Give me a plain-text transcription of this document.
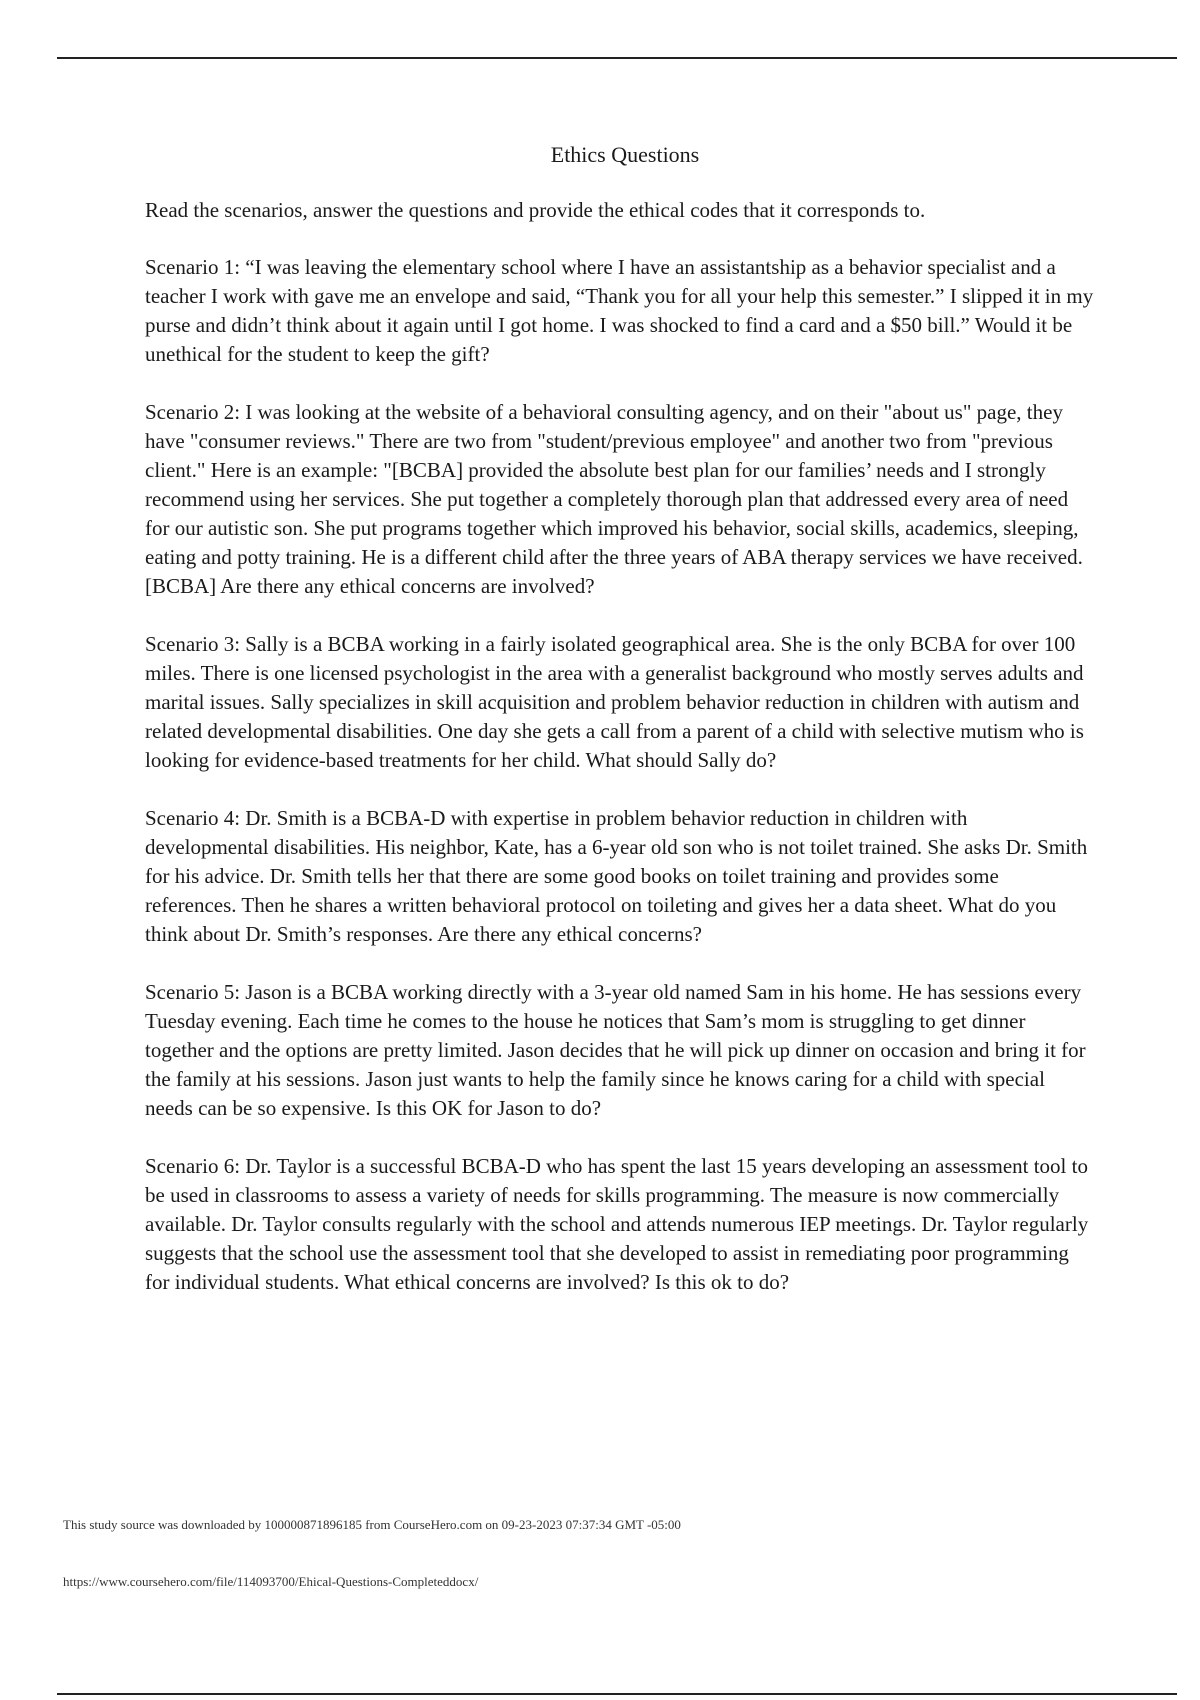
Ethics Questions

Read the scenarios, answer the questions and provide the ethical codes that it corresponds to.

Scenario 1: “I was leaving the elementary school where I have an assistantship as a behavior specialist and a teacher I work with gave me an envelope and said, “Thank you for all your help this semester.” I slipped it in my purse and didn’t think about it again until I got home. I was shocked to find a card and a $50 bill.” Would it be unethical for the student to keep the gift?

Scenario 2: I was looking at the website of a behavioral consulting agency, and on their "about us" page, they have "consumer reviews." There are two from "student/previous employee" and another two from "previous client." Here is an example: "[BCBA] provided the absolute best plan for our families’ needs and I strongly recommend using her services. She put together a completely thorough plan that addressed every area of need for our autistic son. She put programs together which improved his behavior, social skills, academics, sleeping, eating and potty training. He is a different child after the three years of ABA therapy services we have received. [BCBA] Are there any ethical concerns are involved?

Scenario 3: Sally is a BCBA working in a fairly isolated geographical area. She is the only BCBA for over 100 miles. There is one licensed psychologist in the area with a generalist background who mostly serves adults and marital issues. Sally specializes in skill acquisition and problem behavior reduction in children with autism and related developmental disabilities. One day she gets a call from a parent of a child with selective mutism who is looking for evidence-based treatments for her child. What should Sally do?

Scenario 4: Dr. Smith is a BCBA-D with expertise in problem behavior reduction in children with developmental disabilities. His neighbor, Kate, has a 6-year old son who is not toilet trained. She asks Dr. Smith for his advice. Dr. Smith tells her that there are some good books on toilet training and provides some references. Then he shares a written behavioral protocol on toileting and gives her a data sheet. What do you think about Dr. Smith’s responses. Are there any ethical concerns?

Scenario 5: Jason is a BCBA working directly with a 3-year old named Sam in his home. He has sessions every Tuesday evening. Each time he comes to the house he notices that Sam’s mom is struggling to get dinner together and the options are pretty limited. Jason decides that he will pick up dinner on occasion and bring it for the family at his sessions. Jason just wants to help the family since he knows caring for a child with special needs can be so expensive. Is this OK for Jason to do?

Scenario 6: Dr. Taylor is a successful BCBA-D who has spent the last 15 years developing an assessment tool to be used in classrooms to assess a variety of needs for skills programming. The measure is now commercially available. Dr. Taylor consults regularly with the school and attends numerous IEP meetings. Dr. Taylor regularly suggests that the school use the assessment tool that she developed to assist in remediating poor programming for individual students. What ethical concerns are involved? Is this ok to do?

This study source was downloaded by 100000871896185 from CourseHero.com on 09-23-2023 07:37:34 GMT -05:00
https://www.coursehero.com/file/114093700/Ehical-Questions-Completeddocx/
